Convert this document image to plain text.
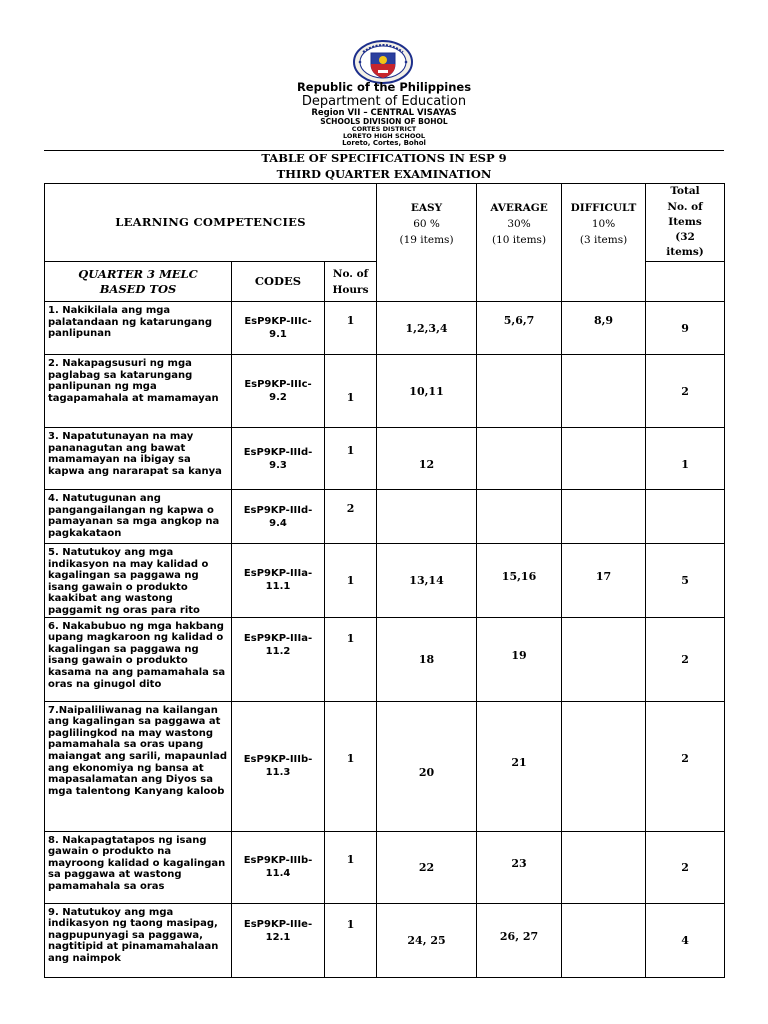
Republic of the Philippines
Department of Education
Region VII – CENTRAL VISAYAS
SCHOOLS DIVISION OF BOHOL
CORTES DISTRICT
LORETO HIGH SCHOOL
Loreto, Cortes, Bohol
TABLE OF SPECIFICATIONS IN ESP 9
THIRD QUARTER EXAMINATION
LEARNING COMPETENCIES			EASY
60 %
(19 items)	AVERAGE
30%
(10 items)	DIFFICULT
10%
(3 items)	Total
No. of
Items
(32
items)
QUARTER 3 MELC
BASED TOS	CODES	No. of
Hours				
1. Nakikilala ang mga palatandaan ng katarungang panlipunan	EsP9KP-IIIc-
9.1	1	1,2,3,4	5,6,7	8,9	9
2. Nakapagsusuri ng mga paglabag sa katarungang panlipunan ng mga tagapamahala at mamamayan	EsP9KP-IIIc-
9.2	1	10,11			2
3. Napatutunayan na may pananagutan ang bawat mamamayan na ibigay sa kapwa ang nararapat sa kanya	EsP9KP-IIId-
9.3	1	12			1
4. Natutugunan ang pangangailangan ng kapwa o pamayanan sa mga angkop na pagkakataon	EsP9KP-IIId-
9.4	2				
5. Natutukoy ang mga indikasyon na may kalidad o kagalingan sa paggawa ng isang gawain o produkto kaakibat ang wastong paggamit ng oras para rito	EsP9KP-IIIa-
11.1	1	13,14	15,16	17	5
6. Nakabubuo ng mga hakbang upang magkaroon ng kalidad o kagalingan sa paggawa ng isang gawain o produkto kasama na ang pamamahala sa oras na ginugol dito	EsP9KP-IIIa-
11.2	1	18	19		2
7.Naipaliliwanag na kailangan ang kagalingan sa paggawa at paglilingkod na may wastong pamamahala sa oras upang maiangat ang sarili, mapaunlad ang ekonomiya ng bansa at mapasalamatan ang Diyos sa mga talentong Kanyang kaloob	EsP9KP-IIIb-
11.3	1	20	21		2
8. Nakapagtatapos ng isang gawain o produkto na mayroong kalidad o kagalingan sa paggawa at wastong pamamahala sa oras	EsP9KP-IIIb-
11.4	1	22	23		2
9. Natutukoy ang mga indikasyon ng taong masipag, nagpupunyagi sa paggawa, nagtitipid at pinamamahalaan ang naimpok	EsP9KP-IIIe-
12.1	1	24, 25	26, 27		4
